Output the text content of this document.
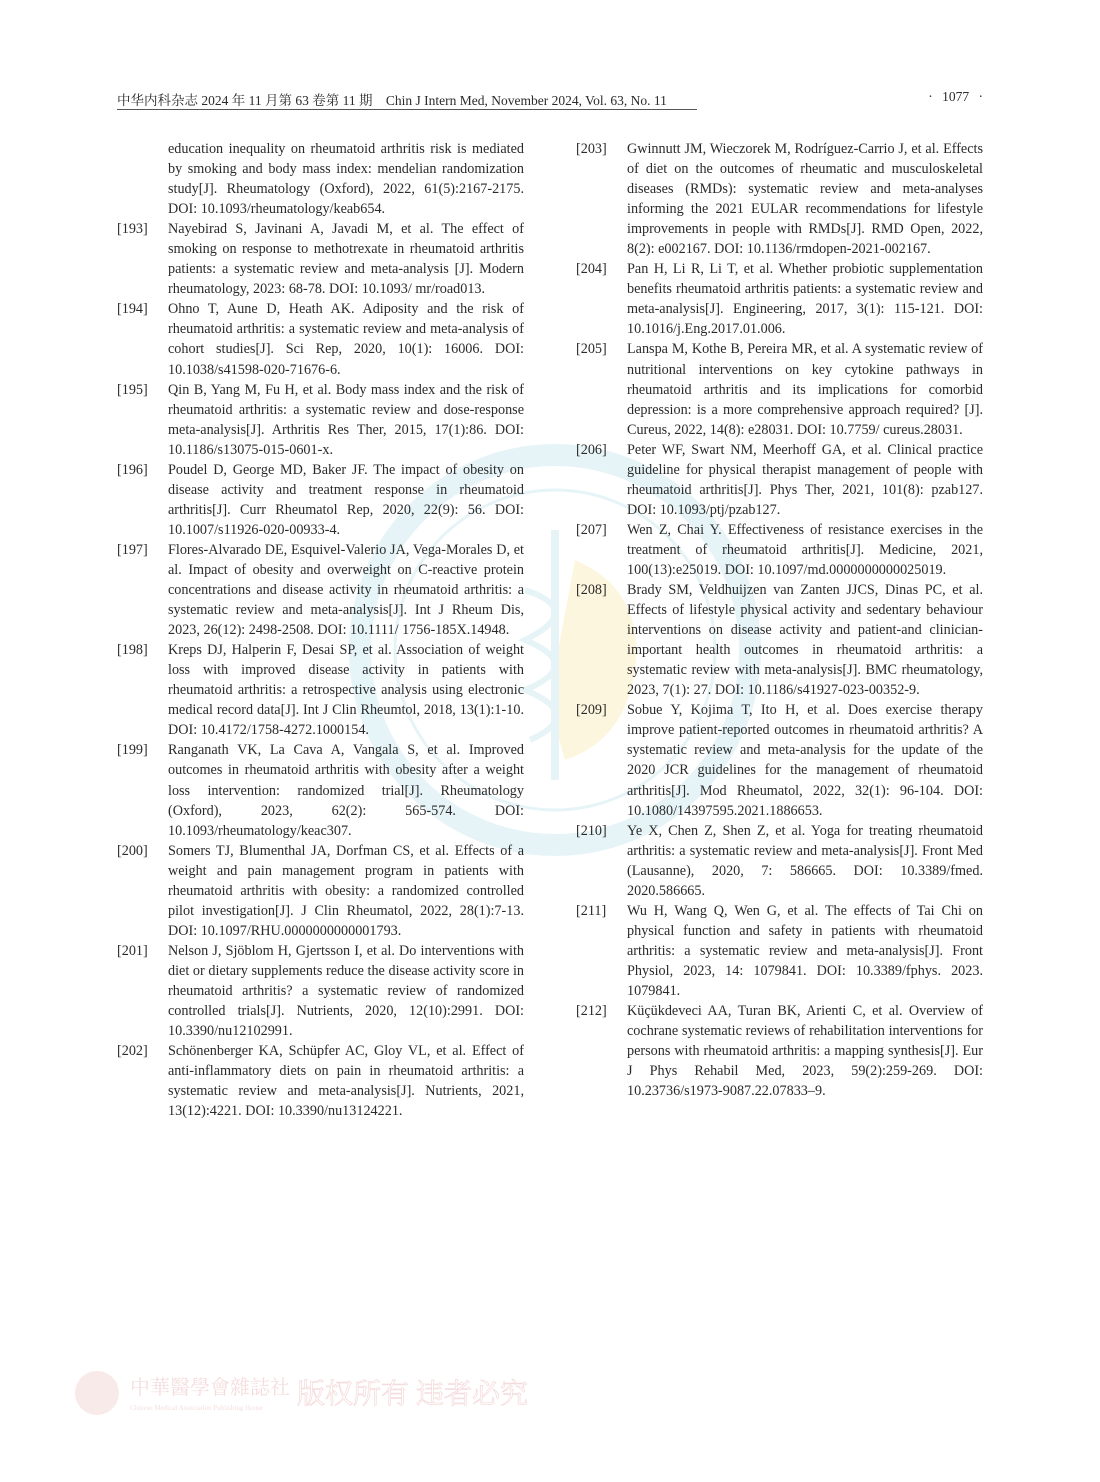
中华内科杂志 2024 年 11 月第 63 卷第 11 期 Chin J Intern Med, November 2024, Vol. 63, No. 11	· 1077 ·
education inequality on rheumatoid arthritis risk is mediated by smoking and body mass index: mendelian randomization study[J]. Rheumatology (Oxford), 2022, 61(5):2167-2175. DOI: 10.1093/rheumatology/keab654.
[193]	Nayebirad S, Javinani A, Javadi M, et al. The effect of smoking on response to methotrexate in rheumatoid arthritis patients: a systematic review and meta-analysis [J]. Modern rheumatology, 2023: 68-78. DOI: 10.1093/ mr/road013.
[194]	Ohno T, Aune D, Heath AK. Adiposity and the risk of rheumatoid arthritis: a systematic review and meta-analysis of cohort studies[J]. Sci Rep, 2020, 10(1): 16006. DOI: 10.1038/s41598-020-71676-6.
[195]	Qin B, Yang M, Fu H, et al. Body mass index and the risk of rheumatoid arthritis: a systematic review and dose-response meta-analysis[J]. Arthritis Res Ther, 2015, 17(1):86. DOI: 10.1186/s13075-015-0601-x.
[196]	Poudel D, George MD, Baker JF. The impact of obesity on disease activity and treatment response in rheumatoid arthritis[J]. Curr Rheumatol Rep, 2020, 22(9): 56. DOI: 10.1007/s11926-020-00933-4.
[197]	Flores-Alvarado DE, Esquivel-Valerio JA, Vega-Morales D, et al. Impact of obesity and overweight on C-reactive protein concentrations and disease activity in rheumatoid arthritis: a systematic review and meta-analysis[J]. Int J Rheum Dis, 2023, 26(12): 2498-2508. DOI: 10.1111/ 1756-185X.14948.
[198]	Kreps DJ, Halperin F, Desai SP, et al. Association of weight loss with improved disease activity in patients with rheumatoid arthritis: a retrospective analysis using electronic medical record data[J]. Int J Clin Rheumtol, 2018, 13(1):1-10. DOI: 10.4172/1758-4272.1000154.
[199]	Ranganath VK, La Cava A, Vangala S, et al. Improved outcomes in rheumatoid arthritis with obesity after a weight loss intervention: randomized trial[J]. Rheumatology (Oxford), 2023, 62(2): 565-574. DOI: 10.1093/rheumatology/keac307.
[200]	Somers TJ, Blumenthal JA, Dorfman CS, et al. Effects of a weight and pain management program in patients with rheumatoid arthritis with obesity: a randomized controlled pilot investigation[J]. J Clin Rheumatol, 2022, 28(1):7-13. DOI: 10.1097/RHU.0000000000001793.
[201]	Nelson J, Sjöblom H, Gjertsson I, et al. Do interventions with diet or dietary supplements reduce the disease activity score in rheumatoid arthritis? a systematic review of randomized controlled trials[J]. Nutrients, 2020, 12(10):2991. DOI: 10.3390/nu12102991.
[202]	Schönenberger KA, Schüpfer AC, Gloy VL, et al. Effect of anti-inflammatory diets on pain in rheumatoid arthritis: a systematic review and meta-analysis[J]. Nutrients, 2021, 13(12):4221. DOI: 10.3390/nu13124221.
[203]	Gwinnutt JM, Wieczorek M, Rodríguez-Carrio J, et al. Effects of diet on the outcomes of rheumatic and musculoskeletal diseases (RMDs): systematic review and meta-analyses informing the 2021 EULAR recommendations for lifestyle improvements in people with RMDs[J]. RMD Open, 2022, 8(2): e002167. DOI: 10.1136/rmdopen-2021-002167.
[204]	Pan H, Li R, Li T, et al. Whether probiotic supplementation benefits rheumatoid arthritis patients: a systematic review and meta-analysis[J]. Engineering, 2017, 3(1): 115-121. DOI: 10.1016/j.Eng.2017.01.006.
[205]	Lanspa M, Kothe B, Pereira MR, et al. A systematic review of nutritional interventions on key cytokine pathways in rheumatoid arthritis and its implications for comorbid depression: is a more comprehensive approach required? [J]. Cureus, 2022, 14(8): e28031. DOI: 10.7759/ cureus.28031.
[206]	Peter WF, Swart NM, Meerhoff GA, et al. Clinical practice guideline for physical therapist management of people with rheumatoid arthritis[J]. Phys Ther, 2021, 101(8): pzab127. DOI: 10.1093/ptj/pzab127.
[207]	Wen Z, Chai Y. Effectiveness of resistance exercises in the treatment of rheumatoid arthritis[J]. Medicine, 2021, 100(13):e25019. DOI: 10.1097/md.0000000000025019.
[208]	Brady SM, Veldhuijzen van Zanten JJCS, Dinas PC, et al. Effects of lifestyle physical activity and sedentary behaviour interventions on disease activity and patient-and clinician-important health outcomes in rheumatoid arthritis: a systematic review with meta-analysis[J]. BMC rheumatology, 2023, 7(1): 27. DOI: 10.1186/s41927-023-00352-9.
[209]	Sobue Y, Kojima T, Ito H, et al. Does exercise therapy improve patient-reported outcomes in rheumatoid arthritis? A systematic review and meta-analysis for the update of the 2020 JCR guidelines for the management of rheumatoid arthritis[J]. Mod Rheumatol, 2022, 32(1): 96-104. DOI: 10.1080/14397595.2021.1886653.
[210]	Ye X, Chen Z, Shen Z, et al. Yoga for treating rheumatoid arthritis: a systematic review and meta-analysis[J]. Front Med (Lausanne), 2020, 7: 586665. DOI: 10.3389/fmed. 2020.586665.
[211]	Wu H, Wang Q, Wen G, et al. The effects of Tai Chi on physical function and safety in patients with rheumatoid arthritis: a systematic review and meta-analysis[J]. Front Physiol, 2023, 14: 1079841. DOI: 10.3389/fphys. 2023. 1079841.
[212]	Küçükdeveci AA, Turan BK, Arienti C, et al. Overview of cochrane systematic reviews of rehabilitation interventions for persons with rheumatoid arthritis: a mapping synthesis[J]. Eur J Phys Rehabil Med, 2023, 59(2):259-269. DOI: 10.23736/s1973-9087.22.07833–9.
中華醫學會雜誌社
Chinese Medical Association Publishing House 版权所有 违者必究
